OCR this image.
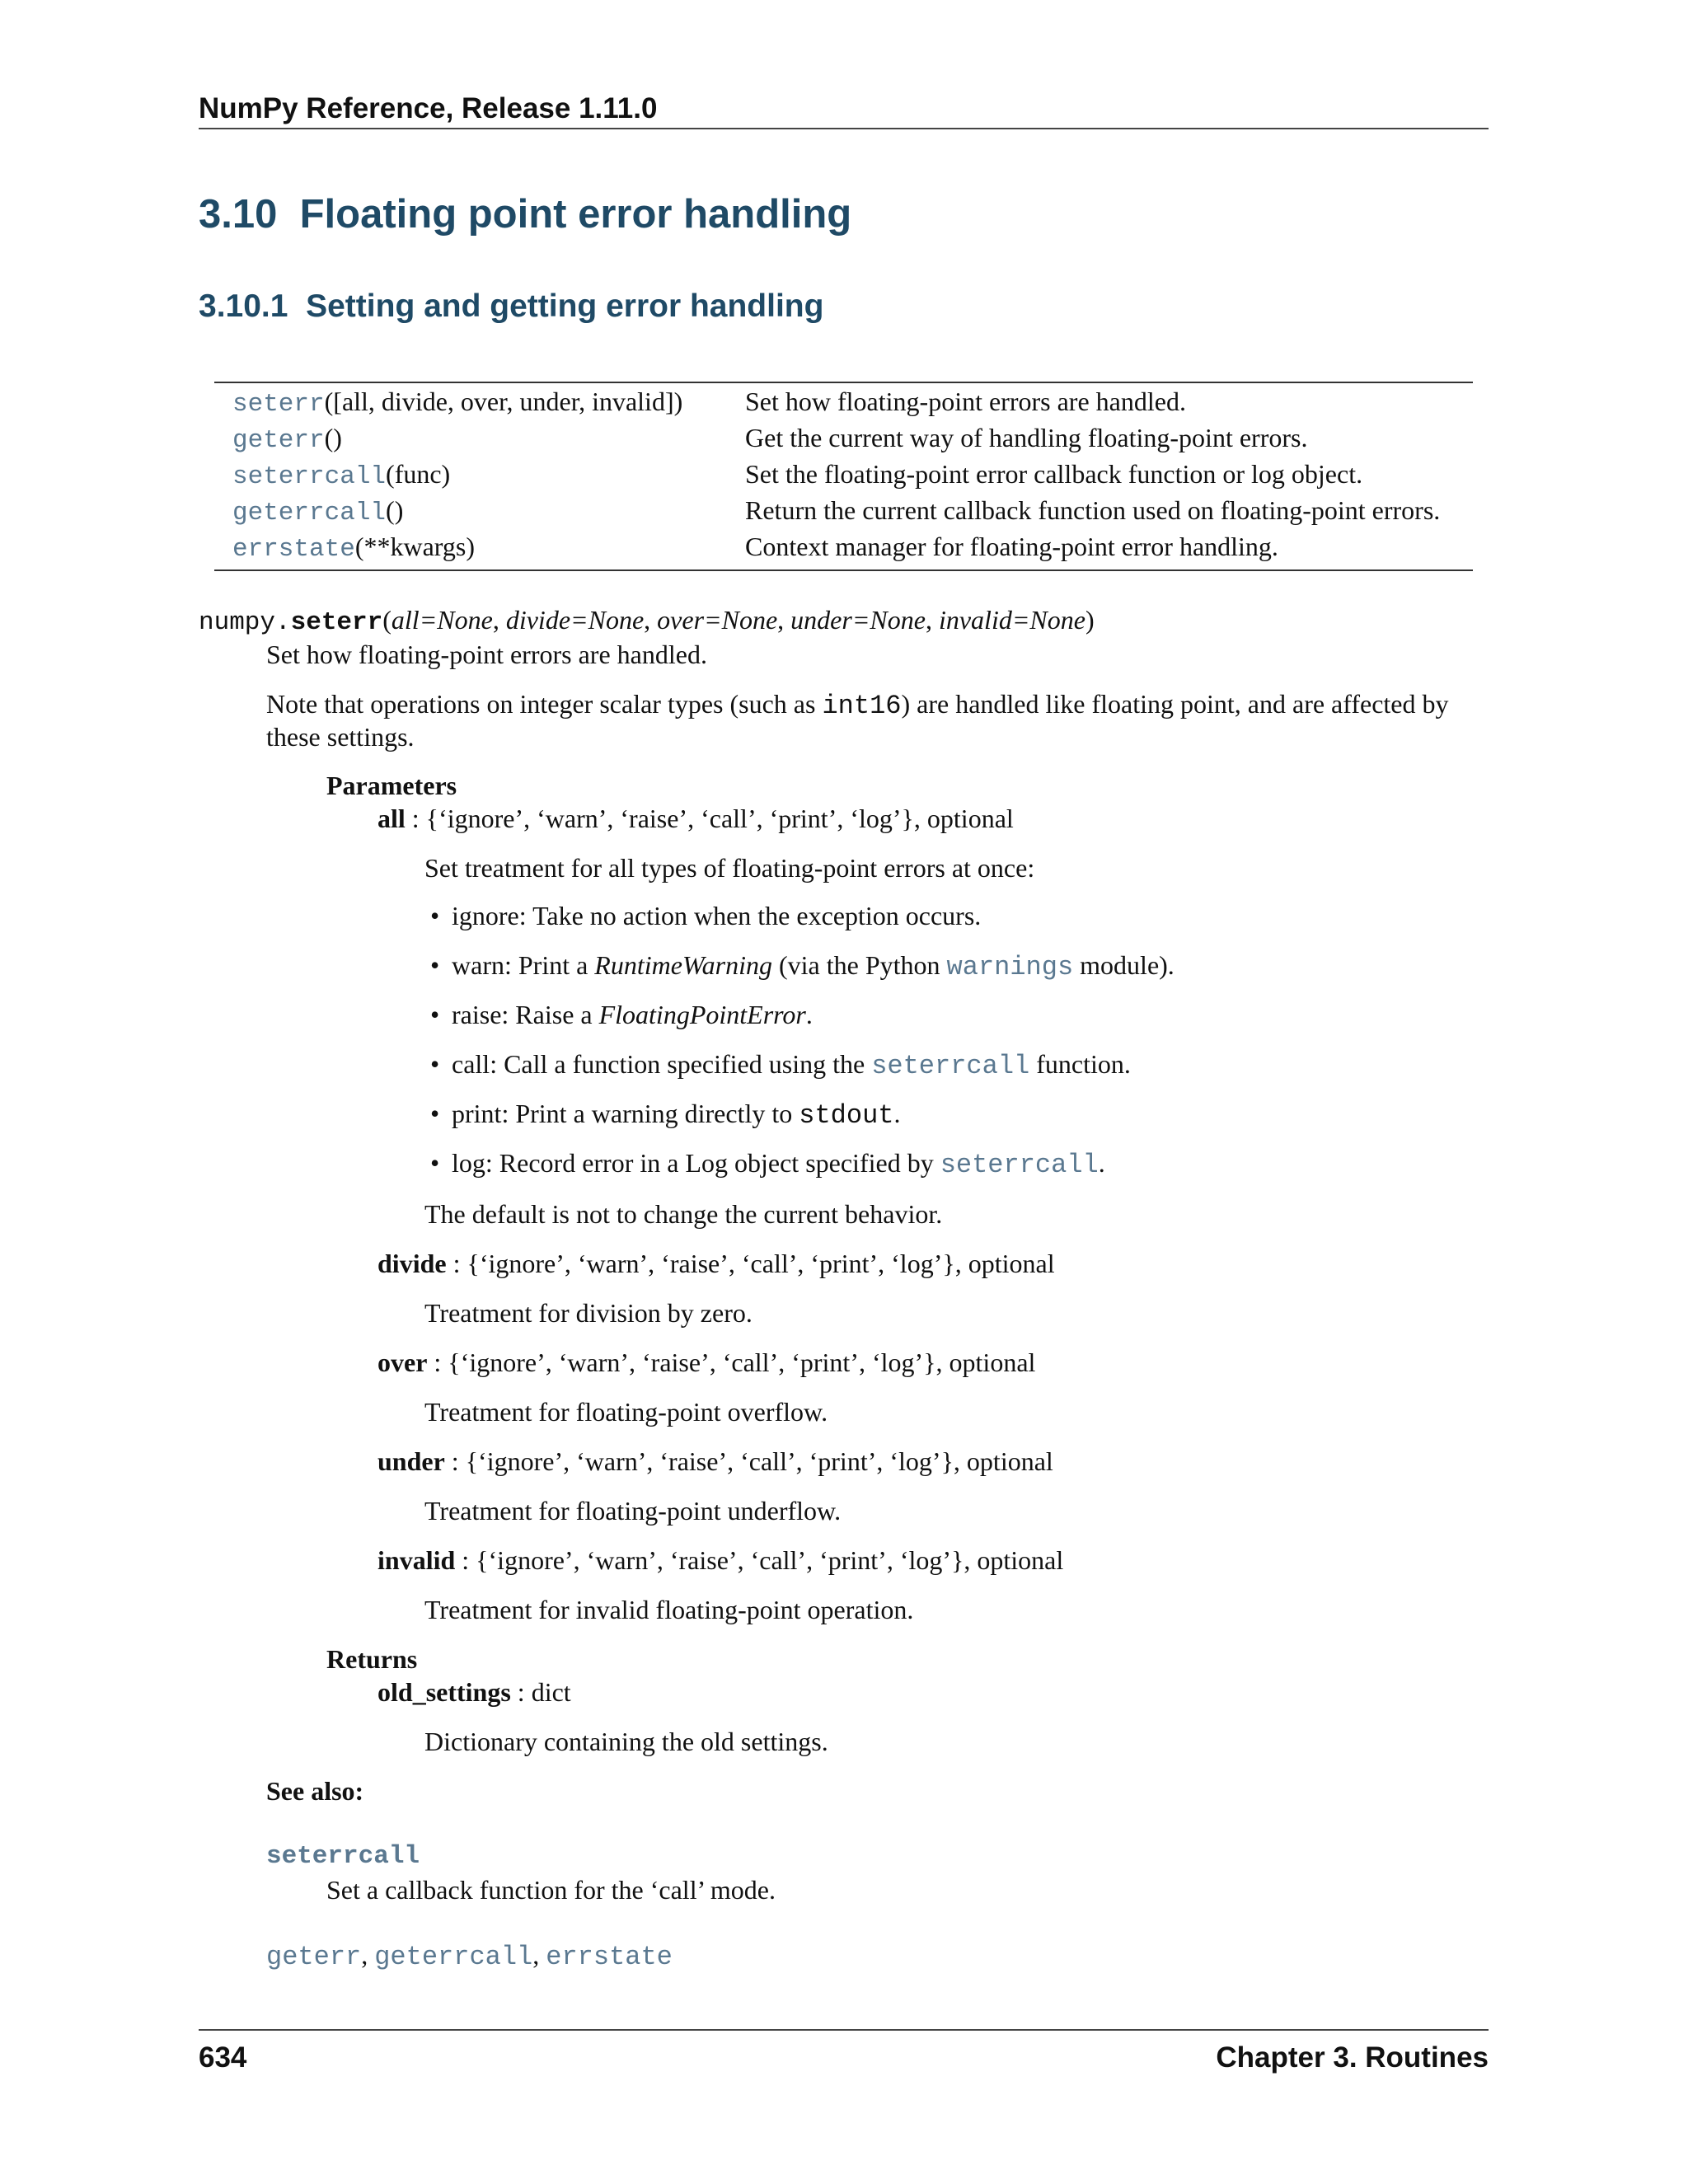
NumPy Reference, Release 1.11.0
3.10 Floating point error handling
3.10.1 Setting and getting error handling
seterr([all, divide, over, under, invalid])	Set how floating-point errors are handled.
geterr()	Get the current way of handling floating-point errors.
seterrcall(func)	Set the floating-point error callback function or log object.
geterrcall()	Return the current callback function used on floating-point errors.
errstate(**kwargs)	Context manager for floating-point error handling.
numpy.seterr(all=None, divide=None, over=None, under=None, invalid=None)
Set how floating-point errors are handled.
Note that operations on integer scalar types (such as int16) are handled like floating point, and are affected by
these settings.
Parameters
all : {‘ignore’, ‘warn’, ‘raise’, ‘call’, ‘print’, ‘log’}, optional
Set treatment for all types of floating-point errors at once:
• ignore: Take no action when the exception occurs.
• warn: Print a RuntimeWarning (via the Python warnings module).
• raise: Raise a FloatingPointError.
• call: Call a function specified using the seterrcall function.
• print: Print a warning directly to stdout.
• log: Record error in a Log object specified by seterrcall.
The default is not to change the current behavior.
divide : {‘ignore’, ‘warn’, ‘raise’, ‘call’, ‘print’, ‘log’}, optional
Treatment for division by zero.
over : {‘ignore’, ‘warn’, ‘raise’, ‘call’, ‘print’, ‘log’}, optional
Treatment for floating-point overflow.
under : {‘ignore’, ‘warn’, ‘raise’, ‘call’, ‘print’, ‘log’}, optional
Treatment for floating-point underflow.
invalid : {‘ignore’, ‘warn’, ‘raise’, ‘call’, ‘print’, ‘log’}, optional
Treatment for invalid floating-point operation.
Returns
old_settings : dict
Dictionary containing the old settings.
See also:
seterrcall
Set a callback function for the ‘call’ mode.
geterr, geterrcall, errstate
634	Chapter 3. Routines
